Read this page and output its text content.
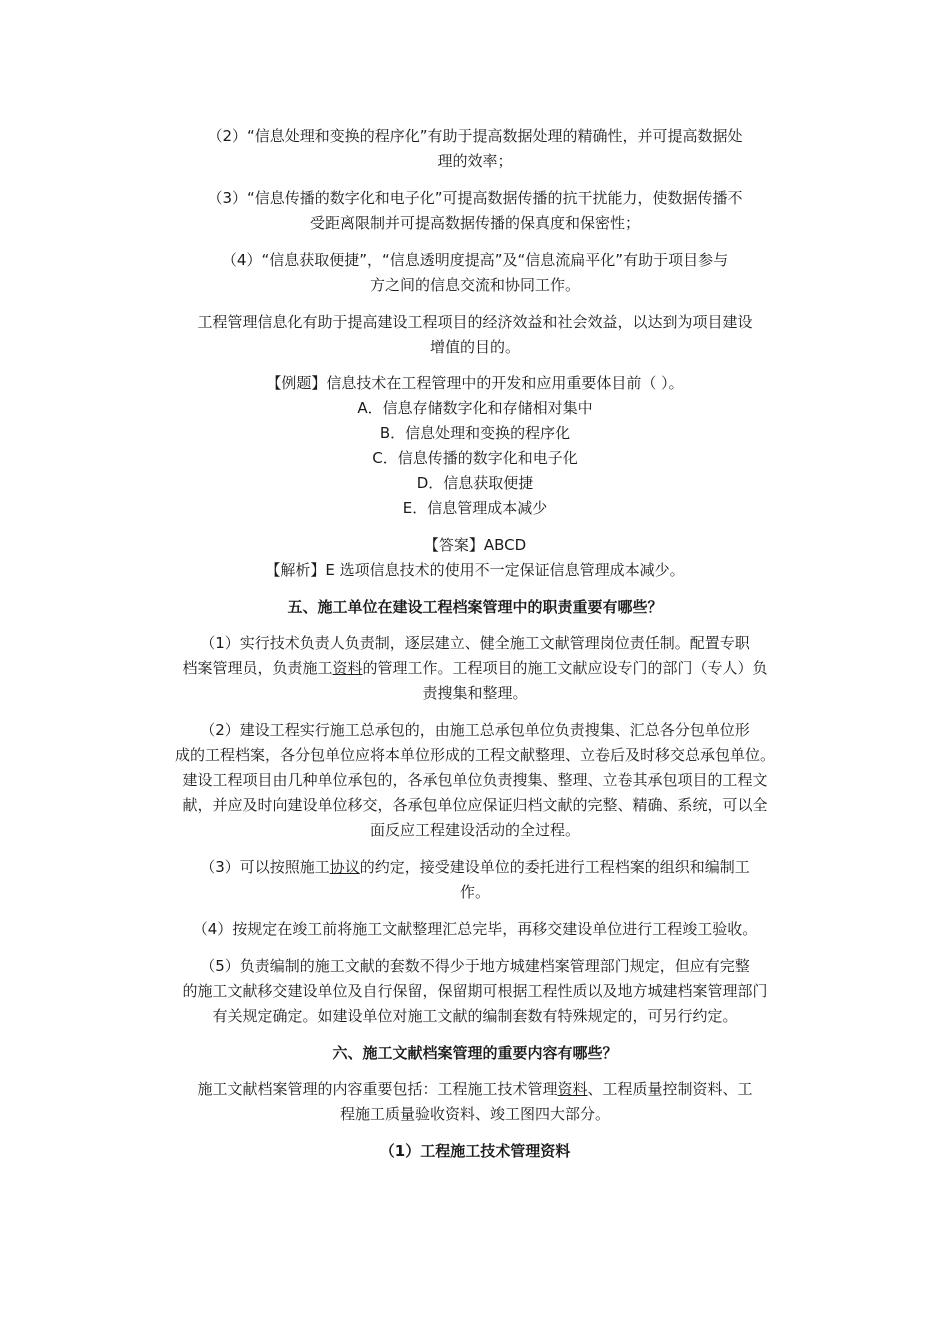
（2）“信息处理和变换的程序化”有助于提高数据处理的精确性，并可提高数据处
理的效率；
（3）“信息传播的数字化和电子化”可提高数据传播的抗干扰能力，使数据传播不
受距离限制并可提高数据传播的保真度和保密性；
（4）“信息获取便捷”，“信息透明度提高”及“信息流扁平化”有助于项目参与
方之间的信息交流和协同工作。
工程管理信息化有助于提高建设工程项目的经济效益和社会效益，以达到为项目建设
增值的目的。
【例题】信息技术在工程管理中的开发和应用重要体目前（ ）。
A．信息存储数字化和存储相对集中
B．信息处理和变换的程序化
C．信息传播的数字化和电子化
D．信息获取便捷
E．信息管理成本减少
【答案】ABCD
【解析】E 选项信息技术的使用不一定保证信息管理成本减少。
五、施工单位在建设工程档案管理中的职责重要有哪些？
（1）实行技术负责人负责制，逐层建立、健全施工文献管理岗位责任制。配置专职
档案管理员，负责施工资料的管理工作。工程项目的施工文献应设专门的部门（专人）负
责搜集和整理。
（2）建设工程实行施工总承包的，由施工总承包单位负责搜集、汇总各分包单位形
成的工程档案，各分包单位应将本单位形成的工程文献整理、立卷后及时移交总承包单位。
建设工程项目由几种单位承包的，各承包单位负责搜集、整理、立卷其承包项目的工程文
献，并应及时向建设单位移交，各承包单位应保证归档文献的完整、精确、系统，可以全
面反应工程建设活动的全过程。
（3）可以按照施工协议的约定，接受建设单位的委托进行工程档案的组织和编制工
作。
（4）按规定在竣工前将施工文献整理汇总完毕，再移交建设单位进行工程竣工验收。
（5）负责编制的施工文献的套数不得少于地方城建档案管理部门规定，但应有完整
的施工文献移交建设单位及自行保留，保留期可根据工程性质以及地方城建档案管理部门
有关规定确定。如建设单位对施工文献的编制套数有特殊规定的，可另行约定。
六、施工文献档案管理的重要内容有哪些？
施工文献档案管理的内容重要包括：工程施工技术管理资料、工程质量控制资料、工
程施工质量验收资料、竣工图四大部分。
（1）工程施工技术管理资料
